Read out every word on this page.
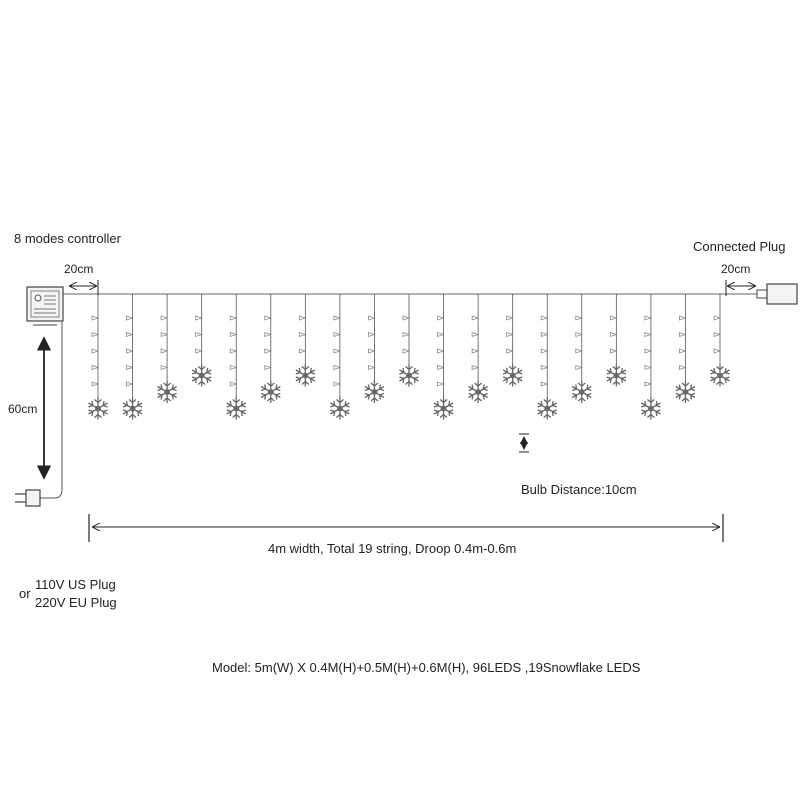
8 modes controller
Connected Plug
20cm	20cm
60cm
Bulb Distance:10cm
4m width, Total 19 string, Droop 0.4m-0.6m
or
110V US Plug
220V EU Plug
Model: 5m(W) X 0.4M(H)+0.5M(H)+0.6M(H), 96LEDS ,19Snowflake LEDS
